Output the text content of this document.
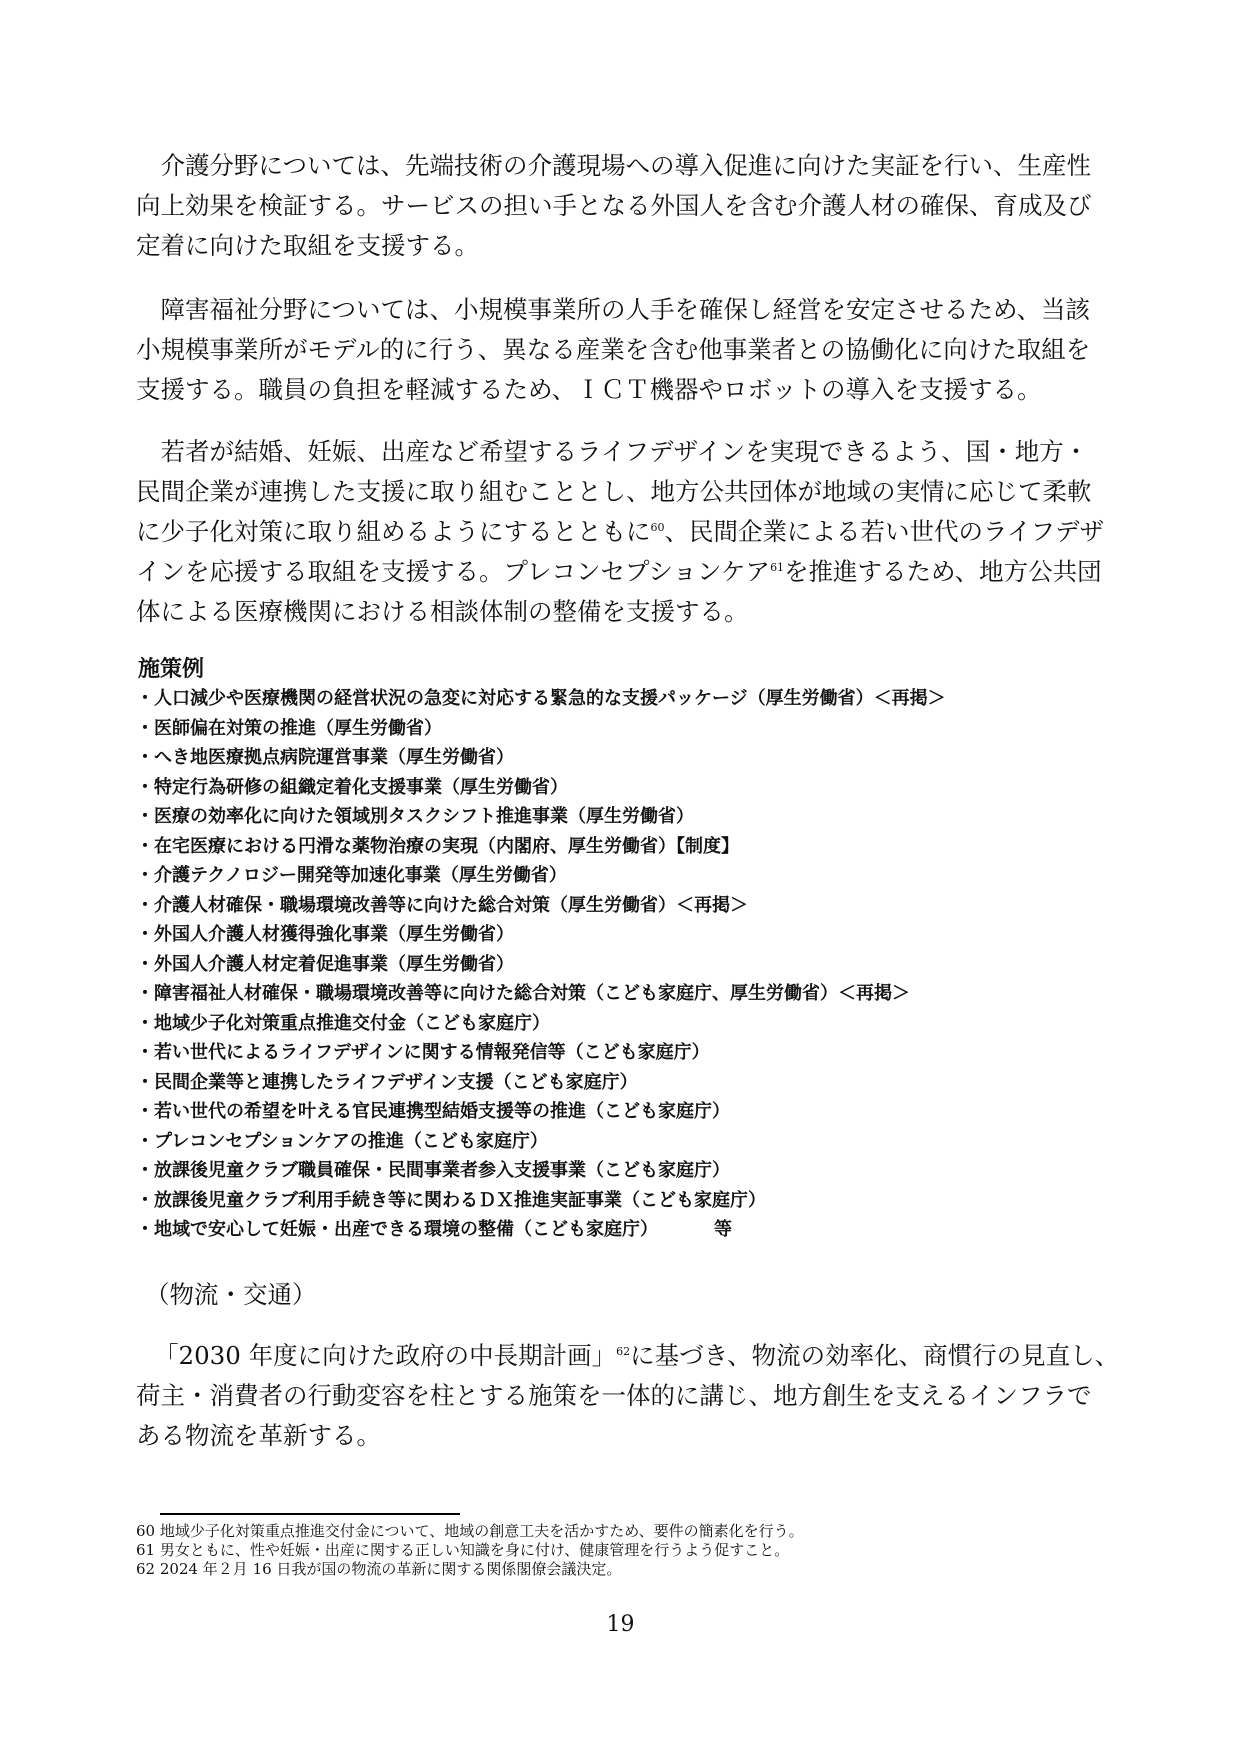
　介護分野については、先端技術の介護現場への導入促進に向けた実証を行い、生産性
向上効果を検証する。サービスの担い手となる外国人を含む介護人材の確保、育成及び
定着に向けた取組を支援する。

　障害福祉分野については、小規模事業所の人手を確保し経営を安定させるため、当該
小規模事業所がモデル的に行う、異なる産業を含む他事業者との協働化に向けた取組を
支援する。職員の負担を軽減するため、ＩＣＴ機器やロボットの導入を支援する。

　若者が結婚、妊娠、出産など希望するライフデザインを実現できるよう、国・地方・
民間企業が連携した支援に取り組むこととし、地方公共団体が地域の実情に応じて柔軟
に少子化対策に取り組めるようにするとともに$^{60}$、民間企業による若い世代のライフデザ
インを応援する取組を支援する。プレコンセプションケア$^{61}$を推進するため、地方公共団
体による医療機関における相談体制の整備を支援する。

施策例
・人口減少や医療機関の経営状況の急変に対応する緊急的な支援パッケージ（厚生労働省）＜再掲＞
・医師偏在対策の推進（厚生労働省）
・へき地医療拠点病院運営事業（厚生労働省）
・特定行為研修の組織定着化支援事業（厚生労働省）
・医療の効率化に向けた領域別タスクシフト推進事業（厚生労働省）
・在宅医療における円滑な薬物治療の実現（内閣府、厚生労働省）【制度】
・介護テクノロジー開発等加速化事業（厚生労働省）
・介護人材確保・職場環境改善等に向けた総合対策（厚生労働省）＜再掲＞
・外国人介護人材獲得強化事業（厚生労働省）
・外国人介護人材定着促進事業（厚生労働省）
・障害福祉人材確保・職場環境改善等に向けた総合対策（こども家庭庁、厚生労働省）＜再掲＞
・地域少子化対策重点推進交付金（こども家庭庁）
・若い世代によるライフデザインに関する情報発信等（こども家庭庁）
・民間企業等と連携したライフデザイン支援（こども家庭庁）
・若い世代の希望を叶える官民連携型結婚支援等の推進（こども家庭庁）
・プレコンセプションケアの推進（こども家庭庁）
・放課後児童クラブ職員確保・民間事業者参入支援事業（こども家庭庁）
・放課後児童クラブ利用手続き等に関わるＤＸ推進実証事業（こども家庭庁）
・地域で安心して妊娠・出産できる環境の整備（こども家庭庁）	等

（物流・交通）

「2030 年度に向けた政府の中長期計画」$^{62}$に基づき、物流の効率化、商慣行の見直し、
荷主・消費者の行動変容を柱とする施策を一体的に講じ、地方創生を支えるインフラで
ある物流を革新する。

60 地域少子化対策重点推進交付金について、地域の創意工夫を活かすため、要件の簡素化を行う。
61 男女ともに、性や妊娠・出産に関する正しい知識を身に付け、健康管理を行うよう促すこと。
62 2024 年２月 16 日我が国の物流の革新に関する関係閣僚会議決定。
19
